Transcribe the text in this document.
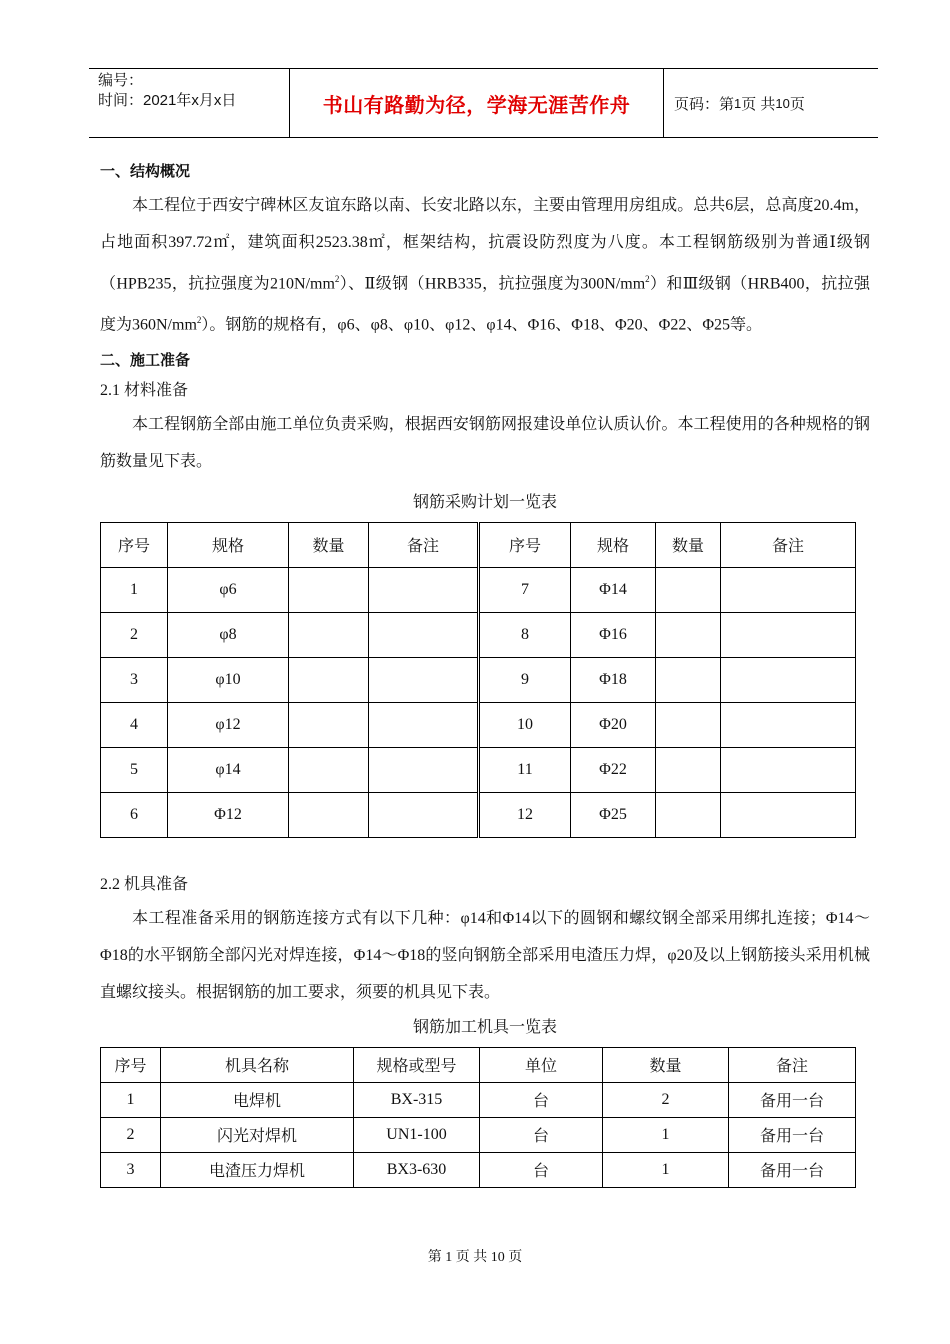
编号：
时间：2021年x月x日	书山有路勤为径，学海无涯苦作舟	页码：第 1 页 共 10 页
一、结构概况

本工程位于西安宁碑林区友谊东路以南、长安北路以东，主要由管理用房组成。总共6层，总高度20.4m，占地面积397.72㎡，建筑面积2523.38㎡，框架结构，抗震设防烈度为八度。本工程钢筋级别为普通Ⅰ级钢（HPB235，抗拉强度为$210N/mm^2$）、Ⅱ级钢（HRB335，抗拉强度为$300N/mm^2$）和Ⅲ级钢（HRB400，抗拉强度为$360N/mm^2$）。钢筋的规格有，φ6、φ8、φ10、φ12、φ14、Φ16、Φ18、Φ20、Φ22、Φ25等。

二、施工准备

2.1 材料准备

本工程钢筋全部由施工单位负责采购，根据西安钢筋网报建设单位认质认价。本工程使用的各种规格的钢筋数量见下表。

钢筋采购计划一览表
序号	规格	数量	备注	序号	规格	数量	备注
1	φ6			7	Φ14		
2	φ8			8	Φ16		
3	φ10			9	Φ18		
4	φ12			10	Φ20		
5	φ14			11	Φ22		
6	Φ12			12	Φ25		

2.2 机具准备

本工程准备采用的钢筋连接方式有以下几种：φ14和Φ14以下的圆钢和螺纹钢全部采用绑扎连接；Φ14～Φ18的水平钢筋全部闪光对焊连接，Φ14～Φ18的竖向钢筋全部采用电渣压力焊，φ20及以上钢筋接头采用机械直螺纹接头。根据钢筋的加工要求，须要的机具见下表。

钢筋加工机具一览表
序号	机具名称	规格或型号	单位	数量	备注
1	电焊机	BX-315	台	2	备用一台
2	闪光对焊机	UN1-100	台	1	备用一台
3	电渣压力焊机	BX3-630	台	1	备用一台
第 1 页 共 10 页
